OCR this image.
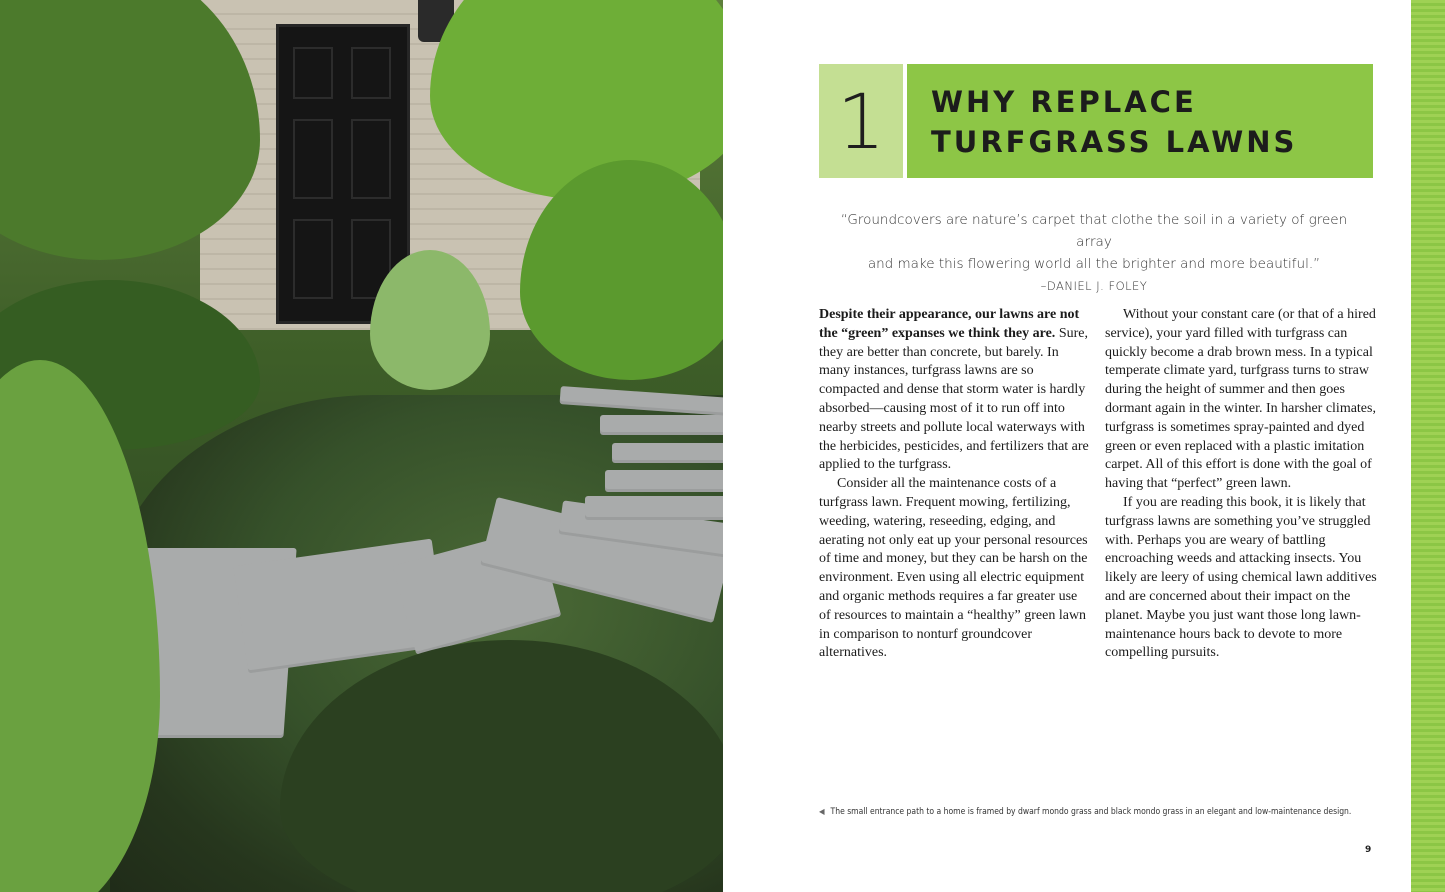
1	WHY REPLACE
TURFGRASS LAWNS

“Groundcovers are nature’s carpet that clothe the soil in a variety of green array

and make this flowering world all the brighter and more beautiful.”

–DANIEL J. FOLEY

Despite their appearance, our lawns are not the “green” expanses we think they are. Sure, they are better than concrete, but barely. In many instances, turfgrass lawns are so compacted and dense that storm water is hardly absorbed—causing most of it to run off into nearby streets and pollute local waterways with the herbicides, pesticides, and fertilizers that are applied to the turfgrass.

Consider all the maintenance costs of a turfgrass lawn. Frequent mowing, fertilizing, weeding, watering, reseeding, edging, and aerating not only eat up your personal resources of time and money, but they can be harsh on the environment. Even using all electric equipment and organic methods requires a far greater use of resources to maintain a “healthy” green lawn in comparison to nonturf groundcover alternatives.

Without your constant care (or that of a hired service), your yard filled with turfgrass can quickly become a drab brown mess. In a typical temperate climate yard, turfgrass turns to straw during the height of summer and then goes dormant again in the winter. In harsher climates, turfgrass is sometimes spray-painted and dyed green or even replaced with a plastic imitation carpet. All of this effort is done with the goal of having that “perfect” green lawn.

If you are reading this book, it is likely that turfgrass lawns are something you’ve struggled with. Perhaps you are weary of battling encroaching weeds and attacking insects. You likely are leery of using chemical lawn additives and are concerned about their impact on the planet. Maybe you just want those long lawn-maintenance hours back to devote to more compelling pursuits.

◀ The small entrance path to a home is framed by dwarf mondo grass and black mondo grass in an elegant and low-maintenance design.
9
